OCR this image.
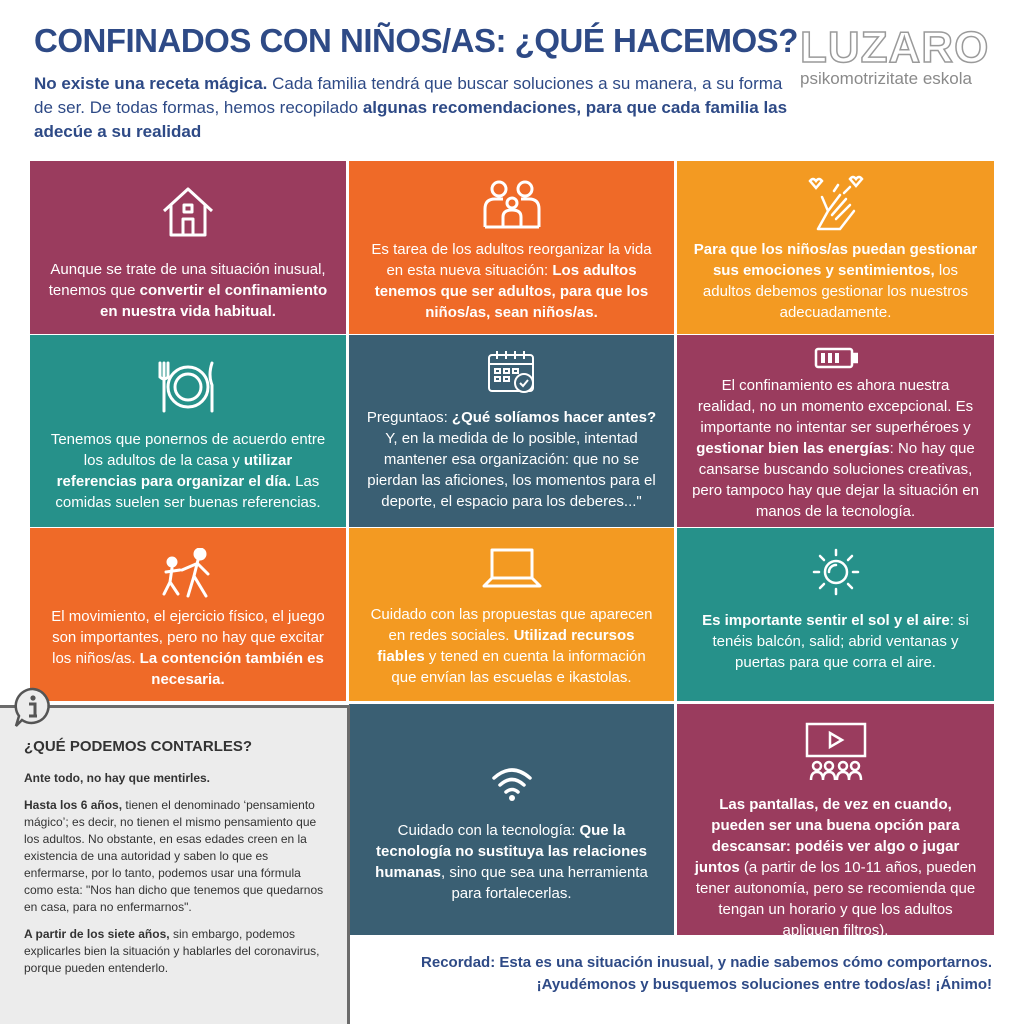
CONFINADOS CON NIÑOS/AS: ¿QUÉ HACEMOS? LUZARO
psikomotrizitate eskola
No existe una receta mágica. Cada familia tendrá que buscar soluciones a su manera, a su forma de ser. De todas formas, hemos recopilado algunas recomendaciones, para que cada familia las adecúe a su realidad
Aunque se trate de una situación inusual, tenemos que convertir el confinamiento en nuestra vida habitual.
Es tarea de los adultos reorganizar la vida en esta nueva situación: Los adultos tenemos que ser adultos, para que los niños/as, sean niños/as.
Para que los niños/as puedan gestionar sus emociones y sentimientos, los adultos debemos gestionar los nuestros adecuadamente.
Tenemos que ponernos de acuerdo entre los adultos de la casa y utilizar referencias para organizar el día. Las comidas suelen ser buenas referencias.
Preguntaos: ¿Qué solíamos hacer antes? Y, en la medida de lo posible, intentad mantener esa organización: que no se pierdan las aficiones, los momentos para el deporte, el espacio para los deberes..."
El confinamiento es ahora nuestra realidad, no un momento excepcional. Es importante no intentar ser superhéroes y gestionar bien las energías: No hay que cansarse buscando soluciones creativas, pero tampoco hay que dejar la situación en manos de la tecnología.
El movimiento, el ejercicio físico, el juego son importantes, pero no hay que excitar los niños/as. La contención también es necesaria.
Cuidado con las propuestas que aparecen en redes sociales. Utilizad recursos fiables y tened en cuenta la información que envían las escuelas e ikastolas.
Es importante sentir el sol y el aire: si tenéis balcón, salid; abrid ventanas y puertas para que corra el aire.
Cuidado con la tecnología: Que la tecnología no sustituya las relaciones humanas, sino que sea una herramienta para fortalecerlas.
Las pantallas, de vez en cuando, pueden ser una buena opción para descansar: podéis ver algo o jugar juntos (a partir de los 10-11 años, pueden tener autonomía, pero se recomienda que tengan un horario y que los adultos apliquen filtros).
¿QUÉ PODEMOS CONTARLES?

Ante todo, no hay que mentirles.

Hasta los 6 años, tienen el denominado ‘pensamiento mágico’; es decir, no tienen el mismo pensamiento que los adultos. No obstante, en esas edades creen en la existencia de una autoridad y saben lo que es enfermarse, por lo tanto, podemos usar una fórmula como esta: "Nos han dicho que tenemos que quedarnos en casa, para no enfermarnos".

A partir de los siete años, sin embargo, podemos explicarles bien la situación y hablarles del coronavirus, porque pueden entenderlo.	Recordad: Esta es una situación inusual, y nadie sabemos cómo comportarnos.
¡Ayudémonos y busquemos soluciones entre todos/as! ¡Ánimo!
